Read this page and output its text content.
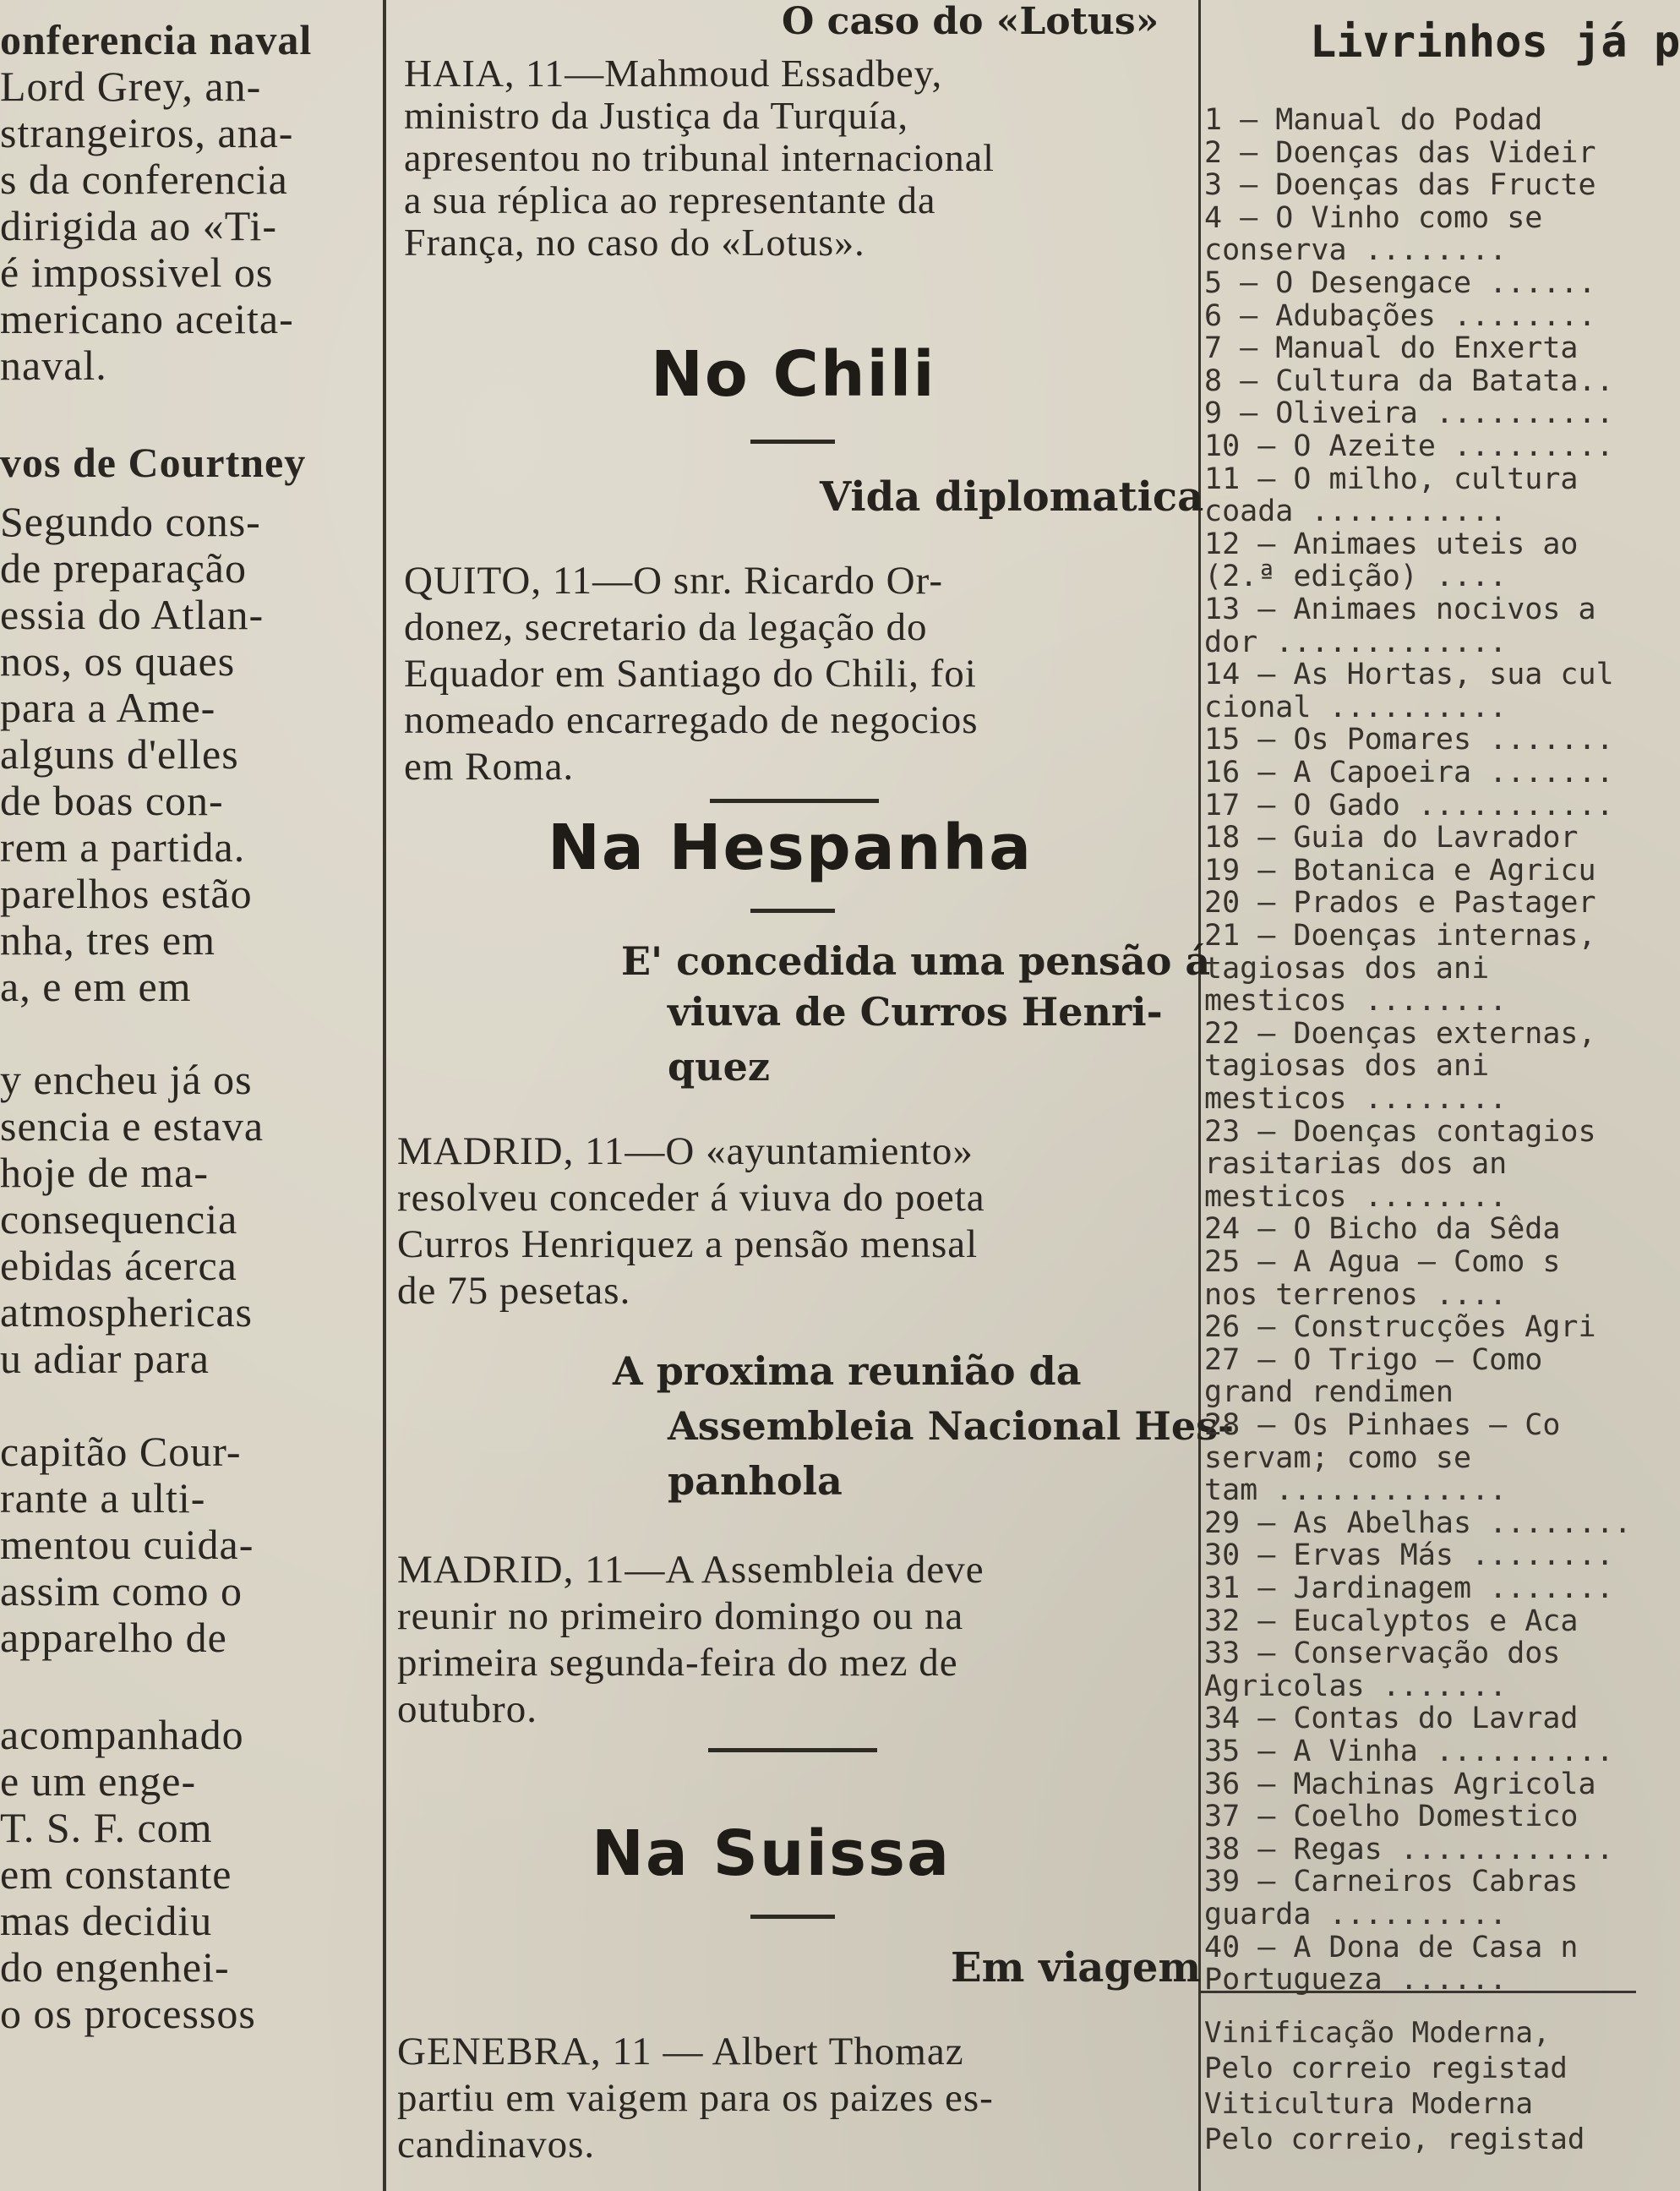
onferencia naval
Lord Grey, an-
strangeiros, ana-
s da conferencia
dirigida ao «Ti-
é impossivel os
mericano aceita-
naval.
vos de Courtney
Segundo cons-
de preparação
essia do Atlan-
nos, os quaes
para a Ame-
alguns d'elles
de boas con-
rem a partida.
parelhos estão
nha, tres em
a, e em em
y encheu já os
sencia e estava
hoje de ma-
consequencia
ebidas ácerca
atmosphericas
u adiar para
capitão Cour-
rante a ulti-
mentou cuida-
assim como o
apparelho de
acompanhado
e um enge-
T. S. F. com
em constante
mas decidiu
do engenhei-
o os processos
O caso do «Lotus»
HAIA, 11—Mahmoud Essadbey,
ministro da Justiça da Turquía,
apresentou no tribunal internacional
a sua réplica ao representante da
França, no caso do «Lotus».
No Chili
Vida diplomatica
QUITO, 11—O snr. Ricardo Or-
donez, secretario da legação do
Equador em Santiago do Chili, foi
nomeado encarregado de negocios
em Roma.
Na Hespanha
E' concedida uma pensão á
viuva de Curros Henri-
quez
MADRID, 11—O «ayuntamiento»
resolveu conceder á viuva do poeta
Curros Henriquez a pensão mensal
de 75 pesetas.
A proxima reunião da
Assembleia Nacional Hes-
panhola
MADRID, 11—A Assembleia deve
reunir no primeiro domingo ou na
primeira segunda-feira do mez de
outubro.
Na Suissa
Em viagem
GENEBRA, 11 — Albert Thomaz
partiu em vaigem para os paizes es-
candinavos.
Livrinhos já p
1 — Manual do Podad
2 — Doenças das Videir
3 — Doenças das Fructe
4 — O Vinho como se
conserva ........
5 — O Desengace ......
6 — Adubações ........
7 — Manual do Enxerta
8 — Cultura da Batata..
9 — Oliveira ..........
10 — O Azeite .........
11 — O milho, cultura
coada ...........
12 — Animaes uteis ao
(2.ª edição) ....
13 — Animaes nocivos a
dor .............
14 — As Hortas, sua cul
cional ..........
15 — Os Pomares .......
16 — A Capoeira .......
17 — O Gado ...........
18 — Guia do Lavrador
19 — Botanica e Agricu
20 — Prados e Pastager
21 — Doenças internas,
tagiosas dos ani
mesticos ........
22 — Doenças externas,
tagiosas dos ani
mesticos ........
23 — Doenças contagios
rasitarias dos an
mesticos ........
24 — O Bicho da Sêda
25 — A Agua — Como s
nos terrenos ....
26 — Construcções Agri
27 — O Trigo — Como
grand rendimen
28 — Os Pinhaes — Co
servam; como se
tam .............
29 — As Abelhas ........
30 — Ervas Más ........
31 — Jardinagem .......
32 — Eucalyptos e Aca
33 — Conservação dos
Agricolas .......
34 — Contas do Lavrad
35 — A Vinha ..........
36 — Machinas Agricola
37 — Coelho Domestico
38 — Regas ............
39 — Carneiros Cabras
guarda ..........
40 — A Dona de Casa n
Portugueza ......
Vinificação Moderna,
Pelo correio registad
Viticultura Moderna
Pelo correio, registad
